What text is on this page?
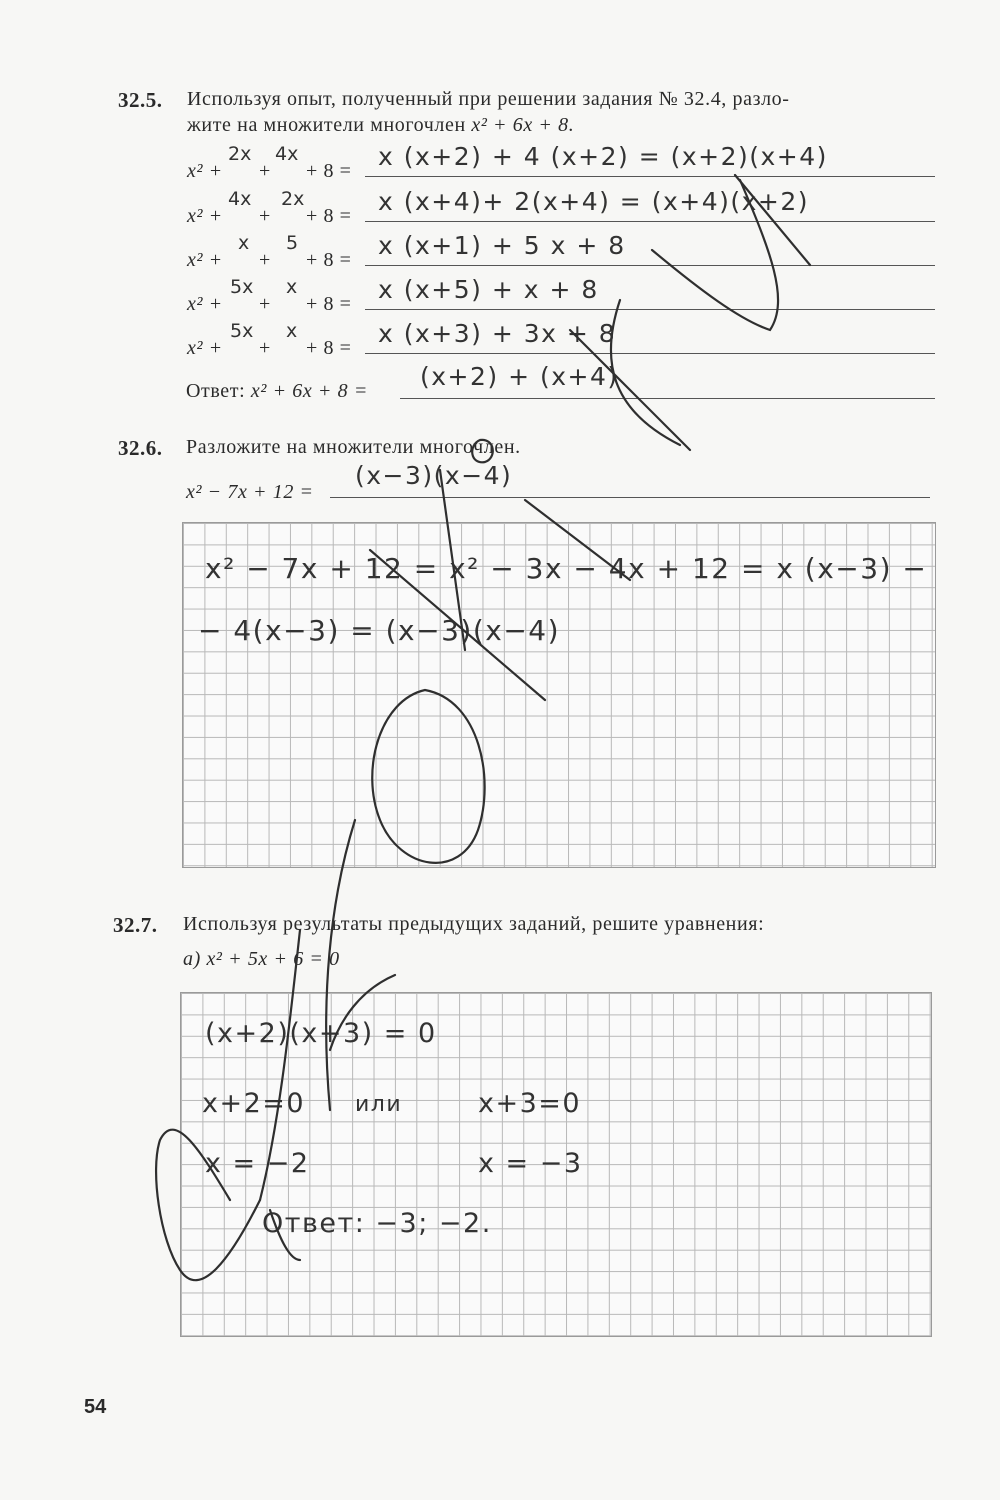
32.5. Используя опыт, полученный при решении задания № 32.4, разло-
жите на множители многочлен x² + 6x + 8.
x² +
2x
+
4x
+ 8 = x (x+2) + 4 (x+2) = (x+2)(x+4)
x² +
4x
+
2x
+ 8 = x (x+4)+ 2(x+4) = (x+4)(x+2)
x² +
x
+
5
+ 8 = x (x+1) + 5 x + 8
x² +
5x
+
x
+ 8 = x (x+5) + x + 8
x² +
5x
+
x
+ 8 = x (x+3) + 3x + 8
Ответ: x² + 6x + 8 = (x+2) + (x+4)
32.6. Разложите на множители многочлен.
x² − 7x + 12 =
(x−3)(x−4)
x² − 7x + 12 = x² − 3x − 4x + 12 = x (x−3) −
− 4(x−3) = (x−3)(x−4)
32.7. Используя результаты предыдущих заданий, решите уравнения:
а) x² + 5x + 6 = 0
(x+2)(x+3) = 0
x+2=0 или	x+3=0
x = −2	x = −3
Ответ: −3; −2.
54
